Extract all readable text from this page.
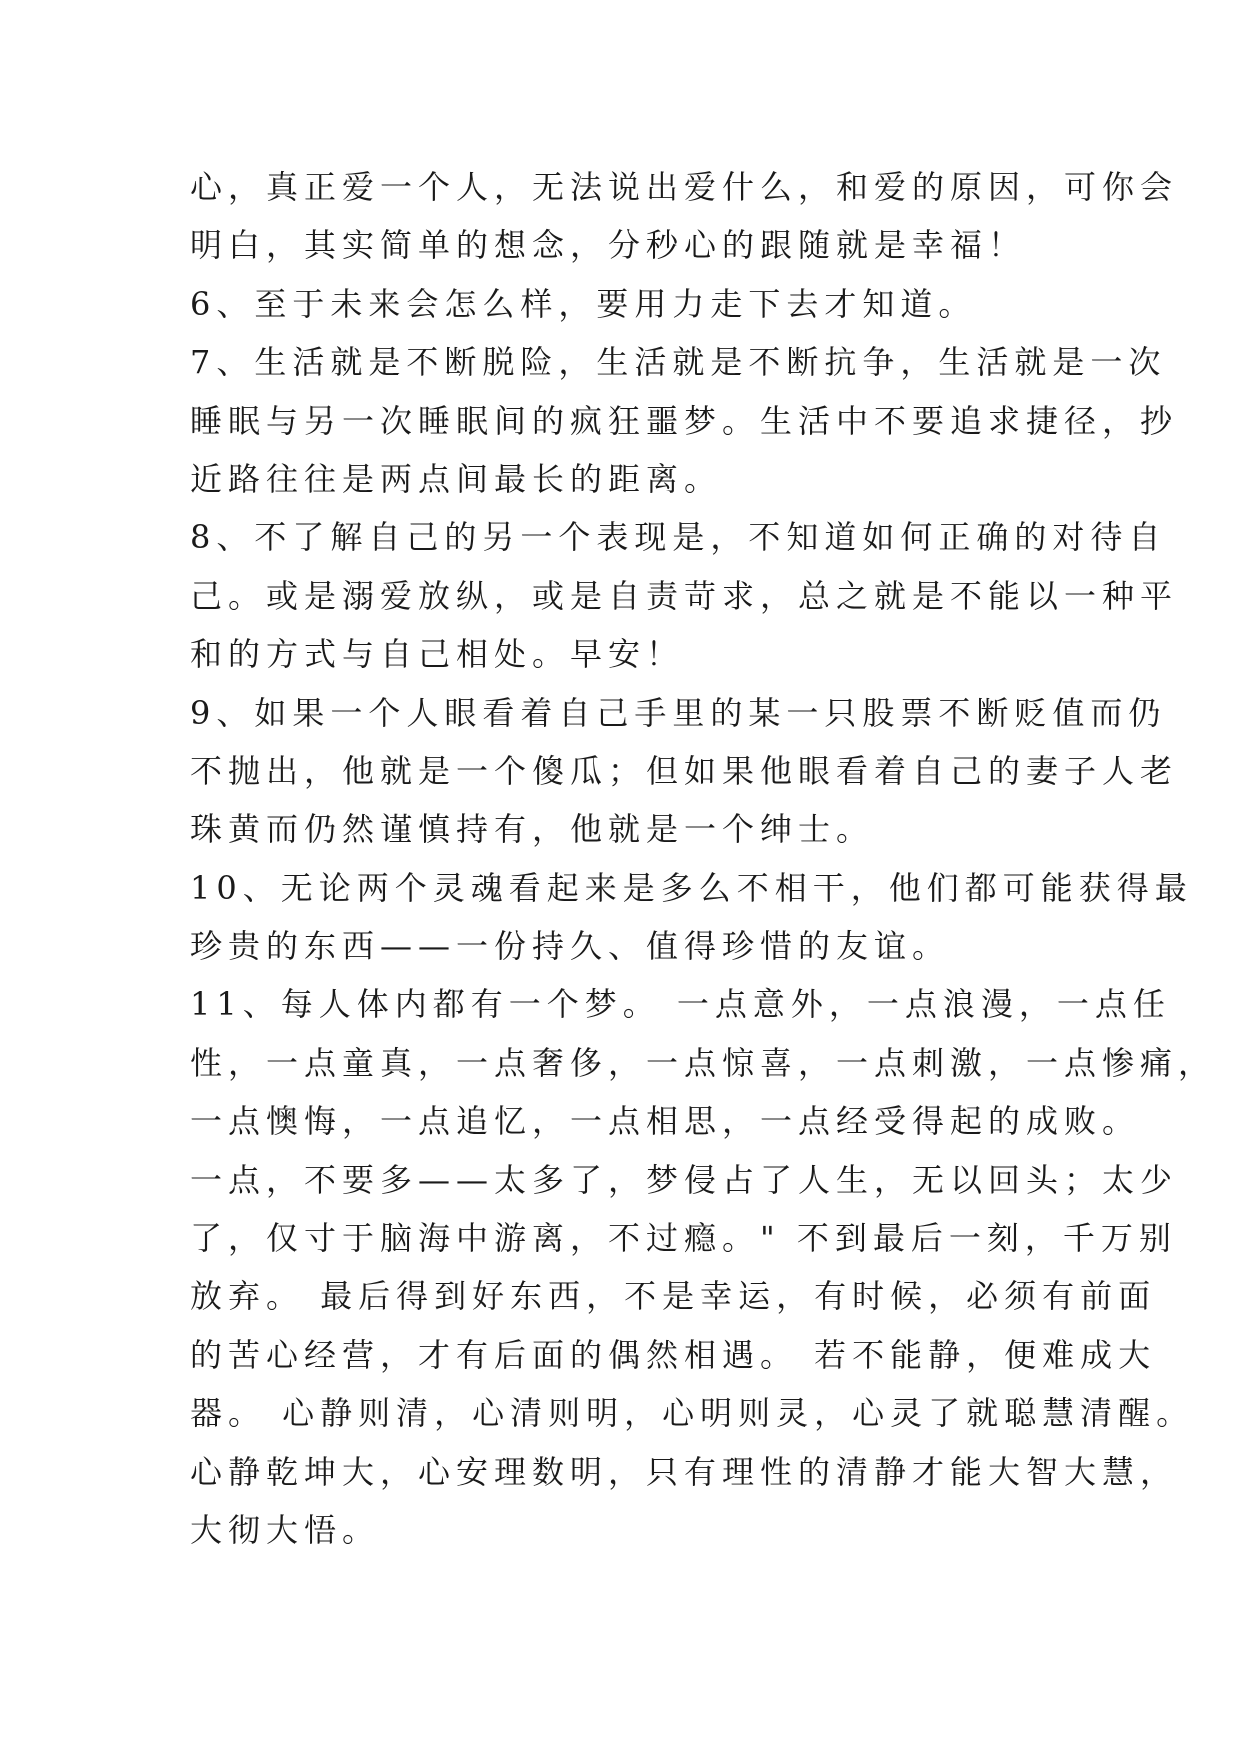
心，真正爱一个人，无法说出爱什么，和爱的原因，可你会
明白，其实简单的想念，分秒心的跟随就是幸福！
6、至于未来会怎么样，要用力走下去才知道。
7、生活就是不断脱险，生活就是不断抗争，生活就是一次
睡眠与另一次睡眠间的疯狂噩梦。生活中不要追求捷径，抄
近路往往是两点间最长的距离。
8、不了解自己的另一个表现是，不知道如何正确的对待自
己。或是溺爱放纵，或是自责苛求，总之就是不能以一种平
和的方式与自己相处。早安！
9、如果一个人眼看着自己手里的某一只股票不断贬值而仍
不抛出，他就是一个傻瓜；但如果他眼看着自己的妻子人老
珠黄而仍然谨慎持有，他就是一个绅士。
10、无论两个灵魂看起来是多么不相干，他们都可能获得最
珍贵的东西——一份持久、值得珍惜的友谊。
11、每人体内都有一个梦。 一点意外，一点浪漫，一点任
性，一点童真，一点奢侈，一点惊喜，一点刺激，一点惨痛，
一点懊悔，一点追忆，一点相思，一点经受得起的成败。
一点，不要多——太多了，梦侵占了人生，无以回头；太少
了，仅寸于脑海中游离，不过瘾。" 不到最后一刻，千万别
放弃。 最后得到好东西，不是幸运，有时候，必须有前面
的苦心经营，才有后面的偶然相遇。 若不能静，便难成大
器。 心静则清，心清则明，心明则灵，心灵了就聪慧清醒。
心静乾坤大，心安理数明，只有理性的清静才能大智大慧，
大彻大悟。
